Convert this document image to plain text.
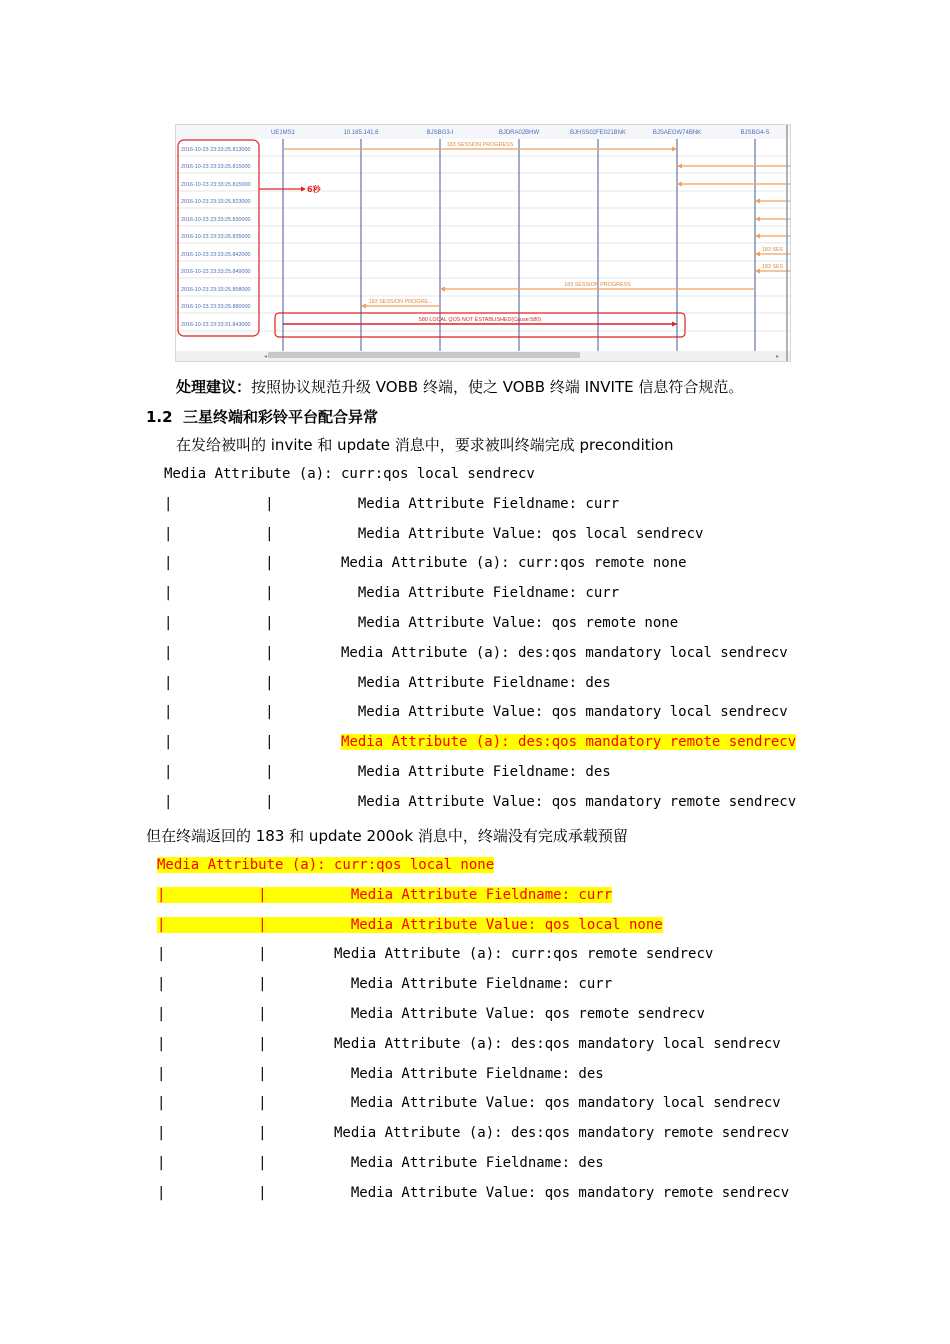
UE1MS1	10.185.141.6	BJSBG3-I	BJDRA02BHW	BJHSS02FE021BNK	BJSAEGW74BNK	BJSBG4-S
2016-10-23 23:33:25.813000
2016-10-23 23:33:25.815000
2016-10-23 23:33:25.815000
2016-10-23 23:33:25.823000
2016-10-23 23:33:25.830000
2016-10-23 23:33:25.835000
2016-10-23 23:33:25.842000
2016-10-23 23:33:25.849000
2016-10-23 23:33:25.858000
2016-10-23 23:33:25.880000
2016-10-23 23:33:31.843000
183 SESSION PROGRESS
183 SES
183 SES
183 SESSION PROGRESS
183 SESSION PROGRE...
580 LOCAL QOS NOT ESTABLISHED(Cause:580)
6秒
◂	▸
处理建议：按照协议规范升级 VOBB 终端，使之 VOBB 终端 INVITE 信息符合规范。
1.2 三星终端和彩铃平台配合异常
在发给被叫的 invite 和 update 消息中，要求被叫终端完成 precondition
Media Attribute (a): curr:qos local sendrecv
|           |          Media Attribute Fieldname: curr
|           |          Media Attribute Value: qos local sendrecv
|           |        Media Attribute (a): curr:qos remote none
|           |          Media Attribute Fieldname: curr
|           |          Media Attribute Value: qos remote none
|           |        Media Attribute (a): des:qos mandatory local sendrecv
|           |          Media Attribute Fieldname: des
|           |          Media Attribute Value: qos mandatory local sendrecv
|           |        Media Attribute (a): des:qos mandatory remote sendrecv
|           |          Media Attribute Fieldname: des
|           |          Media Attribute Value: qos mandatory remote sendrecv
但在终端返回的 183 和 update 200ok 消息中，终端没有完成承载预留
Media Attribute (a): curr:qos local none
|           |          Media Attribute Fieldname: curr
|           |          Media Attribute Value: qos local none
|           |        Media Attribute (a): curr:qos remote sendrecv
|           |          Media Attribute Fieldname: curr
|           |          Media Attribute Value: qos remote sendrecv
|           |        Media Attribute (a): des:qos mandatory local sendrecv
|           |          Media Attribute Fieldname: des
|           |          Media Attribute Value: qos mandatory local sendrecv
|           |        Media Attribute (a): des:qos mandatory remote sendrecv
|           |          Media Attribute Fieldname: des
|           |          Media Attribute Value: qos mandatory remote sendrecv
